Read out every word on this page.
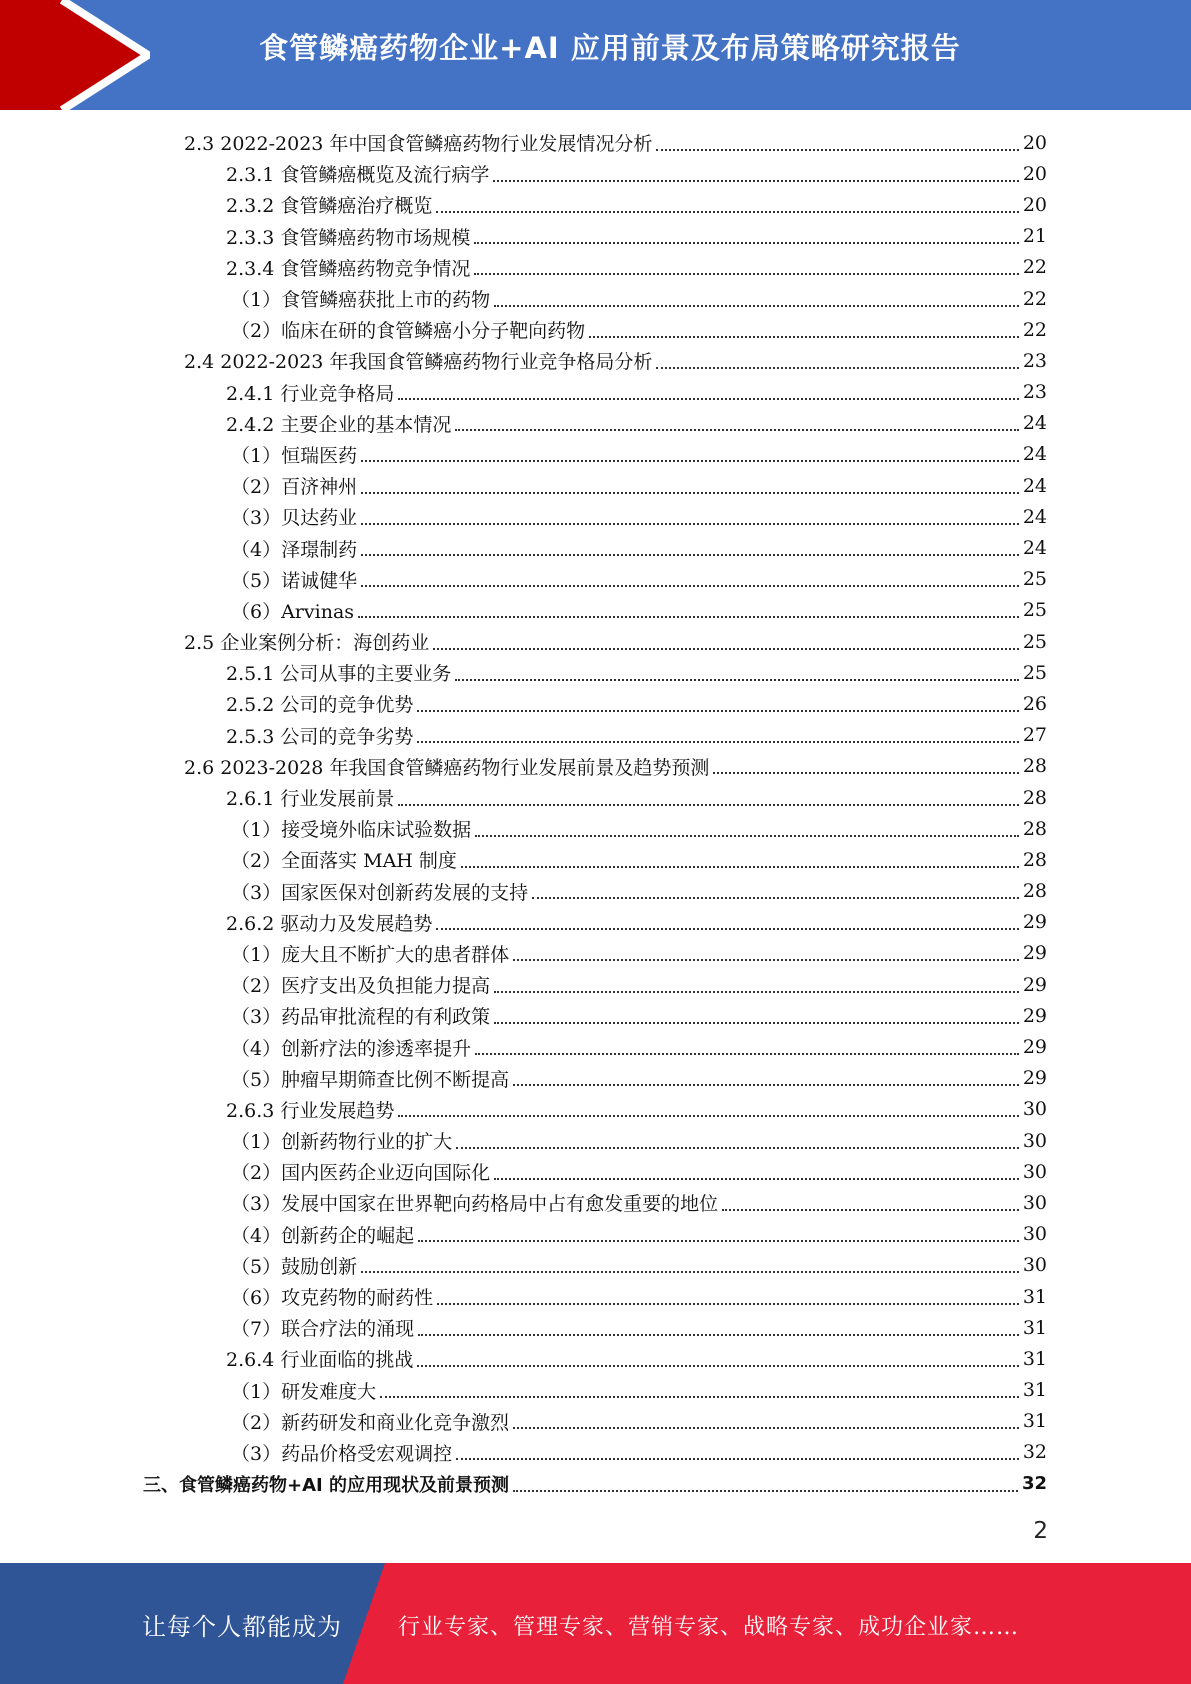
食管鳞癌药物企业+AI 应用前景及布局策略研究报告
2.3 2022-2023 年中国食管鳞癌药物行业发展情况分析	20
2.3.1 食管鳞癌概览及流行病学	20
2.3.2 食管鳞癌治疗概览	20
2.3.3 食管鳞癌药物市场规模	21
2.3.4 食管鳞癌药物竞争情况	22
（1）食管鳞癌获批上市的药物	22
（2）临床在研的食管鳞癌小分子靶向药物	22
2.4 2022-2023 年我国食管鳞癌药物行业竞争格局分析	23
2.4.1 行业竞争格局	23
2.4.2 主要企业的基本情况	24
（1）恒瑞医药	24
（2）百济神州	24
（3）贝达药业	24
（4）泽璟制药	24
（5）诺诚健华	25
（6）Arvinas	25
2.5 企业案例分析：海创药业	25
2.5.1 公司从事的主要业务	25
2.5.2 公司的竞争优势	26
2.5.3 公司的竞争劣势	27
2.6 2023-2028 年我国食管鳞癌药物行业发展前景及趋势预测	28
2.6.1 行业发展前景	28
（1）接受境外临床试验数据	28
（2）全面落实 MAH 制度	28
（3）国家医保对创新药发展的支持	28
2.6.2 驱动力及发展趋势	29
（1）庞大且不断扩大的患者群体	29
（2）医疗支出及负担能力提高	29
（3）药品审批流程的有利政策	29
（4）创新疗法的渗透率提升	29
（5）肿瘤早期筛查比例不断提高	29
2.6.3 行业发展趋势	30
（1）创新药物行业的扩大	30
（2）国内医药企业迈向国际化	30
（3）发展中国家在世界靶向药格局中占有愈发重要的地位	30
（4）创新药企的崛起	30
（5）鼓励创新	30
（6）攻克药物的耐药性	31
（7）联合疗法的涌现	31
2.6.4 行业面临的挑战	31
（1）研发难度大	31
（2）新药研发和商业化竞争激烈	31
（3）药品价格受宏观调控	32
三、食管鳞癌药物+AI 的应用现状及前景预测	32
2
让每个人都能成为	行业专家、管理专家、营销专家、战略专家、成功企业家……
